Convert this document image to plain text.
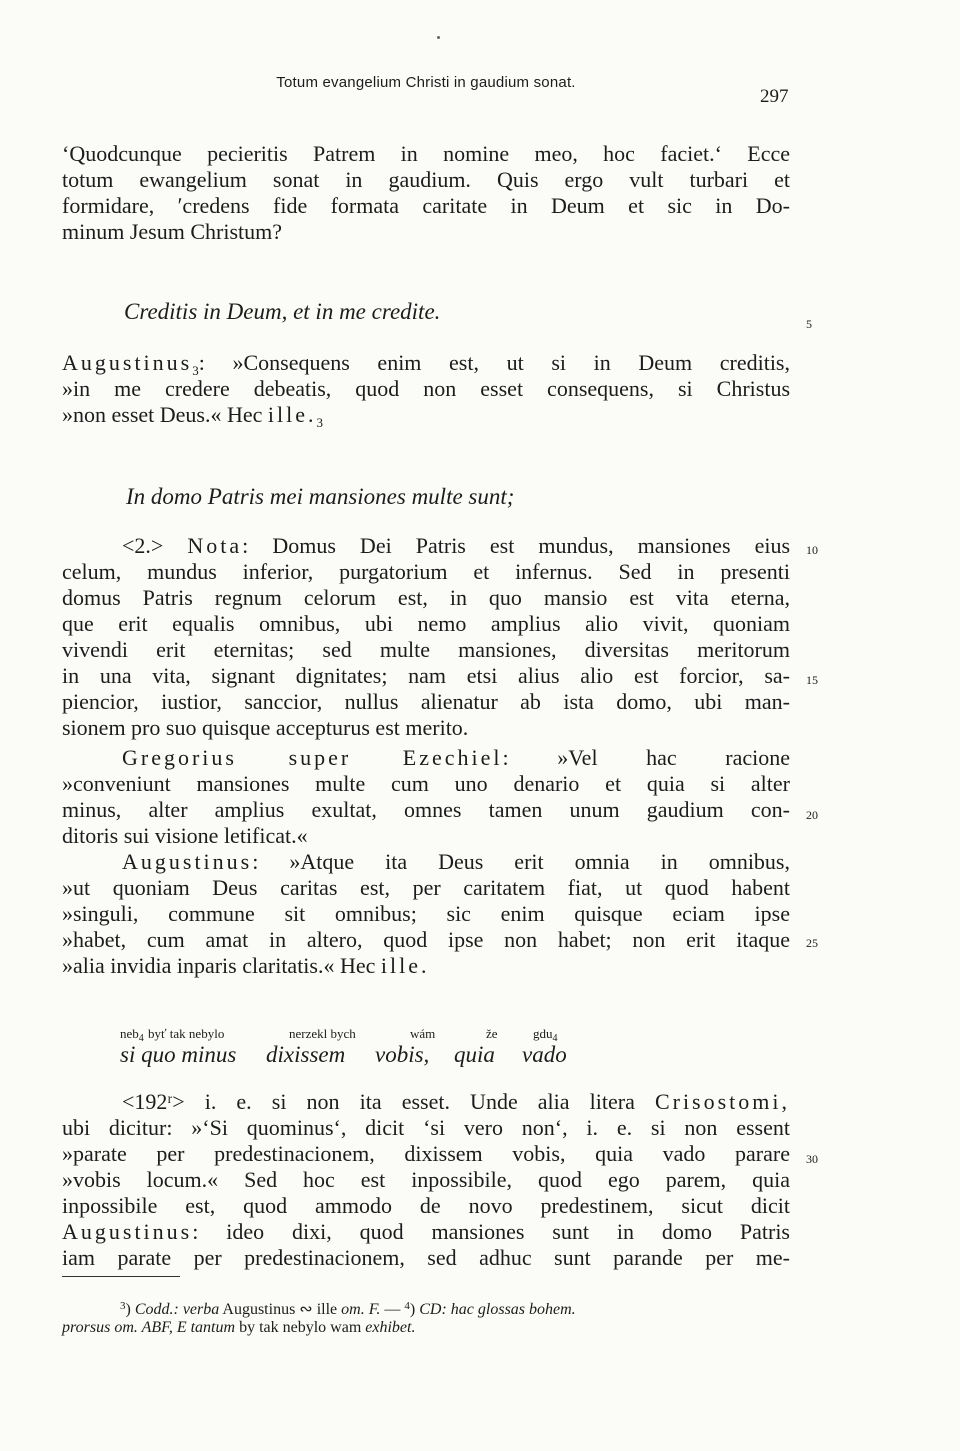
Totum evangelium Christi in gaudium sonat.
297
‘Quodcunque pecieritis Patrem in nomine meo, hoc faciet.‘ Ecce
totum ewangelium sonat in gaudium. Quis ergo vult turbari et
formidare, ʹcredens fide formata caritate in Deum et sic in Do-
minum Jesum Christum?
Creditis in Deum, et in me credite.	5
Augustinus$_3$: »Consequens enim est, ut si in Deum creditis,
»in me credere debeatis, quod non esset consequens, si Christus
»non esset Deus.« Hec $ille._3$
In domo Patris mei mansiones multe sunt;
<2.> Nota: Domus Dei Patris est mundus, mansiones eius 10
celum, mundus inferior, purgatorium et infernus. Sed in presenti
domus Patris regnum celorum est, in quo mansio est vita eterna,
que erit equalis omnibus, ubi nemo amplius alio vivit, quoniam
vivendi erit eternitas; sed multe mansiones, diversitas meritorum
in una vita, signant dignitates; nam etsi alius alio est forcior, sa- 15
piencior, iustior, sanccior, nullus alienatur ab ista domo, ubi man-
sionem pro suo quisque accepturus est merito.
Gregorius super Ezechiel: »Vel hac racione
»conveniunt mansiones multe cum uno denario et quia si alter
minus, alter amplius exultat, omnes tamen unum gaudium con- 20
ditoris sui visione letificat.«
Augustinus: »Atque ita Deus erit omnia in omnibus,
»ut quoniam Deus caritas est, per caritatem fiat, ut quod habent
»singuli, commune sit omnibus; sic enim quisque eciam ipse
»habet, cum amat in altero, quod ipse non habet; non erit itaque 25
»alia invidia inparis claritatis.« Hec ille.
neb$_4$ byť tak nebylo	nerzekl bych	wám	že	gdu$_4$
si quo minus dixissem vobis, quia vado
<192ʳ> i. e. si non ita esset. Unde alia litera Crisostomi,
ubi dicitur: »‘Si quominus‘, dicit ‘si vero non‘, i. e. si non essent
»parate per predestinacionem, dixissem vobis, quia vado parare 30
»vobis locum.« Sed hoc est inpossibile, quod ego parem, quia
inpossibile est, quod ammodo de novo predestinem, sicut dicit
Augustinus: ideo dixi, quod mansiones sunt in domo Patris
iam parate per predestinacionem, sed adhuc sunt parande per me-
$^3$) Codd.: verba Augustinus ∾ ille om. F. — $^4$) CD: hac glossas bohem.
prorsus om. ABF, E tantum by tak nebylo wam exhibet.
